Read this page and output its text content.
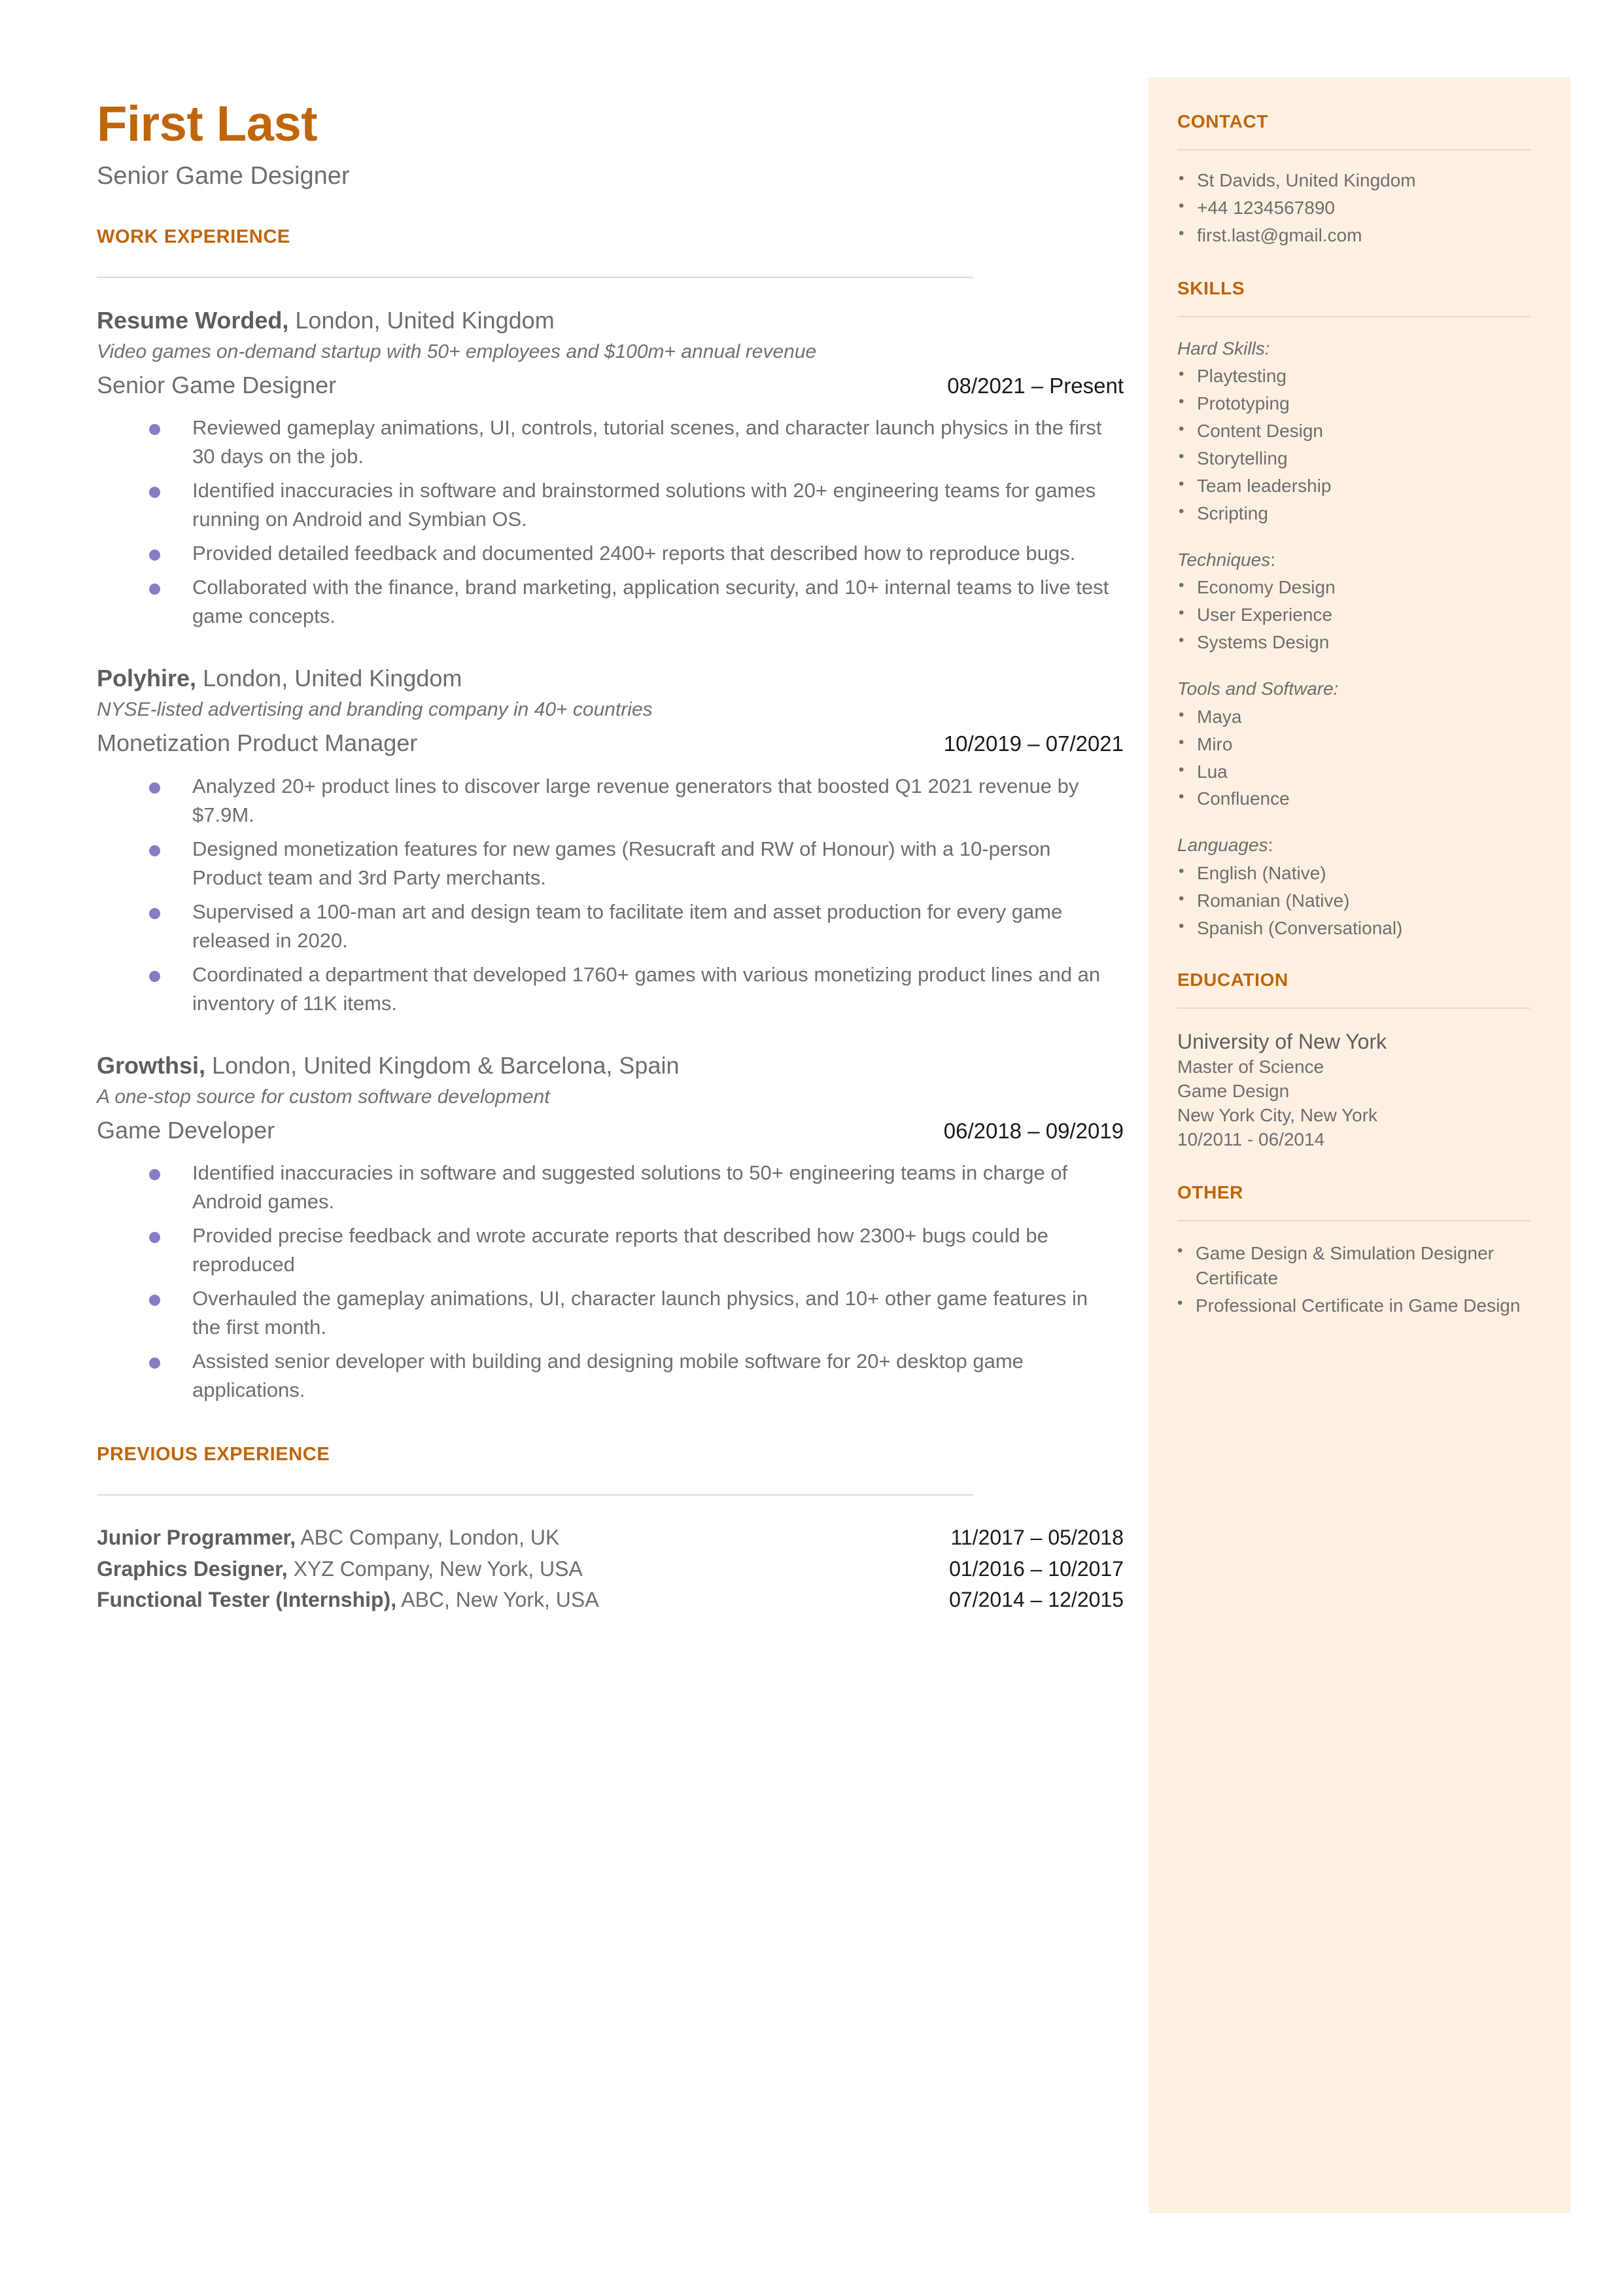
First Last
Senior Game Designer
WORK EXPERIENCE
Resume Worded, London, United Kingdom
Video games on-demand startup with 50+ employees and $100m+ annual revenue
Senior Game Designer	08/2021 – Present
Reviewed gameplay animations, UI, controls, tutorial scenes, and character launch physics in the first 30 days on the job.
Identified inaccuracies in software and brainstormed solutions with 20+ engineering teams for games running on Android and Symbian OS.
Provided detailed feedback and documented 2400+ reports that described how to reproduce bugs.
Collaborated with the finance, brand marketing, application security, and 10+ internal teams to live test game concepts.
Polyhire, London, United Kingdom
NYSE-listed advertising and branding company in 40+ countries
Monetization Product Manager	10/2019 – 07/2021
Analyzed 20+ product lines to discover large revenue generators that boosted Q1 2021 revenue by $7.9M.
Designed monetization features for new games (Resucraft and RW of Honour) with a 10-person Product team and 3rd Party merchants.
Supervised a 100-man art and design team to facilitate item and asset production for every game released in 2020.
Coordinated a department that developed 1760+ games with various monetizing product lines and an inventory of 11K items.
Growthsi, London, United Kingdom & Barcelona, Spain
A one-stop source for custom software development
Game Developer	06/2018 – 09/2019
Identified inaccuracies in software and suggested solutions to 50+ engineering teams in charge of Android games.
Provided precise feedback and wrote accurate reports that described how 2300+ bugs could be reproduced
Overhauled the gameplay animations, UI, character launch physics, and 10+ other game features in the first month.
Assisted senior developer with building and designing mobile software for 20+ desktop game applications.
PREVIOUS EXPERIENCE
Junior Programmer, ABC Company, London, UK	11/2017 – 05/2018
Graphics Designer, XYZ Company, New York, USA	01/2016 – 10/2017
Functional Tester (Internship), ABC, New York, USA	07/2014 – 12/2015
CONTACT
• St Davids, United Kingdom
• +44 1234567890
• first.last@gmail.com
SKILLS
Hard Skills:
• Playtesting
• Prototyping
• Content Design
• Storytelling
• Team leadership
• Scripting
Techniques:
• Economy Design
• User Experience
• Systems Design
Tools and Software:
• Maya
• Miro
• Lua
• Confluence
Languages:
• English (Native)
• Romanian (Native)
• Spanish (Conversational)
EDUCATION
University of New York
Master of Science
Game Design
New York City, New York
10/2011 - 06/2014
OTHER
• Game Design & Simulation Designer Certificate
• Professional Certificate in Game Design
